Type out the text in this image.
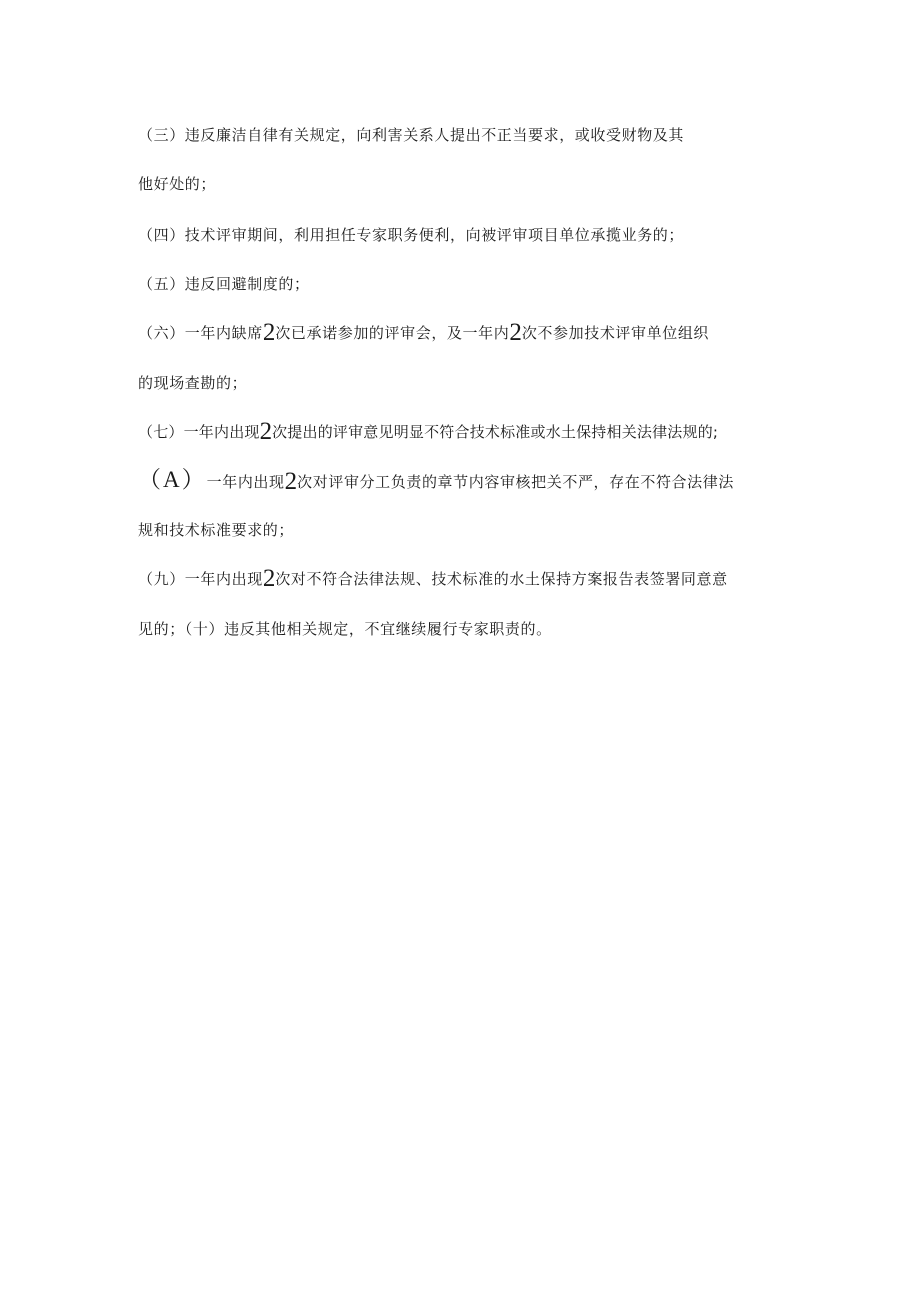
（三）违反廉洁自律有关规定，向利害关系人提出不正当要求，或收受财物及其
他好处的；
（四）技术评审期间，利用担任专家职务便利，向被评审项目单位承揽业务的；
（五）违反回避制度的；
（六）一年内缺席2次已承诺参加的评审会，及一年内2次不参加技术评审单位组织
的现场查勘的；
（七）一年内出现2次提出的评审意见明显不符合技术标准或水土保持相关法律法规的;
（A）一年内出现2次对评审分工负责的章节内容审核把关不严，存在不符合法律法
规和技术标准要求的；
（九）一年内出现2次对不符合法律法规、技术标准的水土保持方案报告表签署同意意
见的；（十）违反其他相关规定，不宜继续履行专家职责的。
